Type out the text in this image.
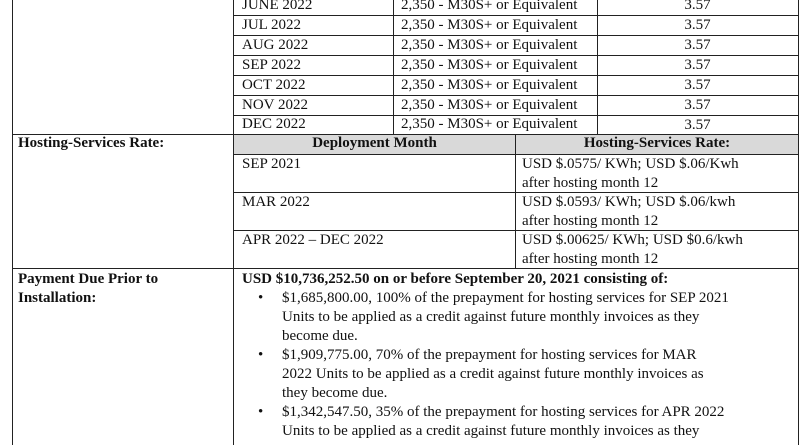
JUNE 2022	2,350 - M30S+ or Equivalent	3.57
JUL 2022	2,350 - M30S+ or Equivalent	3.57
AUG 2022	2,350 - M30S+ or Equivalent	3.57
SEP 2022	2,350 - M30S+ or Equivalent	3.57
OCT 2022	2,350 - M30S+ or Equivalent	3.57
NOV 2022	2,350 - M30S+ or Equivalent	3.57
DEC 2022	2,350 - M30S+ or Equivalent	3.57
Hosting-Services Rate:	Deployment Month	Hosting-Services Rate:
SEP 2021	USD $.0575/ KWh; USD $.06/Kwh
after hosting month 12
MAR 2022	USD $.0593/ KWh; USD $.06/kwh
after hosting month 12
APR 2022 – DEC 2022	USD $.00625/ KWh; USD $0.6/kwh
after hosting month 12
Payment Due Prior to
Installation:
USD $10,736,252.50 on or before September 20, 2021 consisting of:
• $1,685,800.00, 100% of the prepayment for hosting services for SEP 2021
Units to be applied as a credit against future monthly invoices as they
become due.
• $1,909,775.00, 70% of the prepayment for hosting services for MAR
2022 Units to be applied as a credit against future monthly invoices as
they become due.
• $1,342,547.50, 35% of the prepayment for hosting services for APR 2022
Units to be applied as a credit against future monthly invoices as they
